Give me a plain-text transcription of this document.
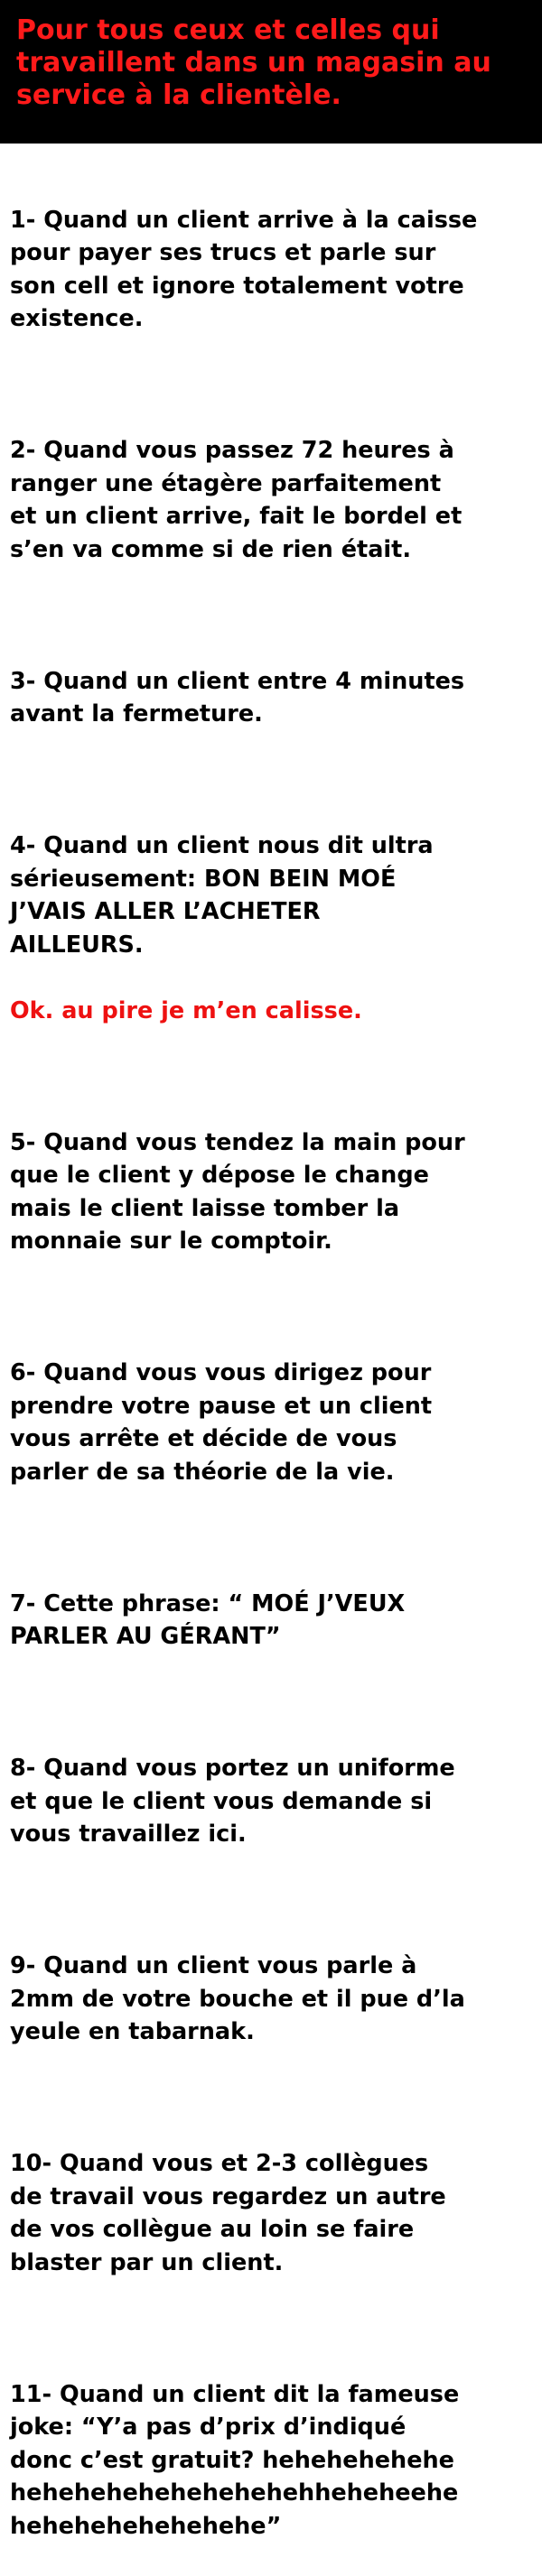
Pour tous ceux et celles qui
travaillent dans un magasin au
service à la clientèle.

1- Quand un client arrive à la caisse
pour payer ses trucs et parle sur
son cell et ignore totalement votre
existence.

2- Quand vous passez 72 heures à
ranger une étagère parfaitement
et un client arrive, fait le bordel et
s’en va comme si de rien était.

3- Quand un client entre 4 minutes
avant la fermeture.

4- Quand un client nous dit ultra
sérieusement: BON BEIN MOÉ
J’VAIS ALLER L’ACHETER
AILLEURS.

Ok. au pire je m’en calisse.

5- Quand vous tendez la main pour
que le client y dépose le change
mais le client laisse tomber la
monnaie sur le comptoir.

6- Quand vous vous dirigez pour
prendre votre pause et un client
vous arrête et décide de vous
parler de sa théorie de la vie.

7- Cette phrase: “ MOÉ J’VEUX
PARLER AU GÉRANT”

8- Quand vous portez un uniforme
et que le client vous demande si
vous travaillez ici.

9- Quand un client vous parle à
2mm de votre bouche et il pue d’la
yeule en tabarnak.

10- Quand vous et 2-3 collègues
de travail vous regardez un autre
de vos collègue au loin se faire
blaster par un client.

11- Quand un client dit la fameuse
joke: “Y’a pas d’prix d’indiqué
donc c’est gratuit? hehehehehehe
hehehehehehehehehehhehehe​ehe
hehehehehehehehe”
